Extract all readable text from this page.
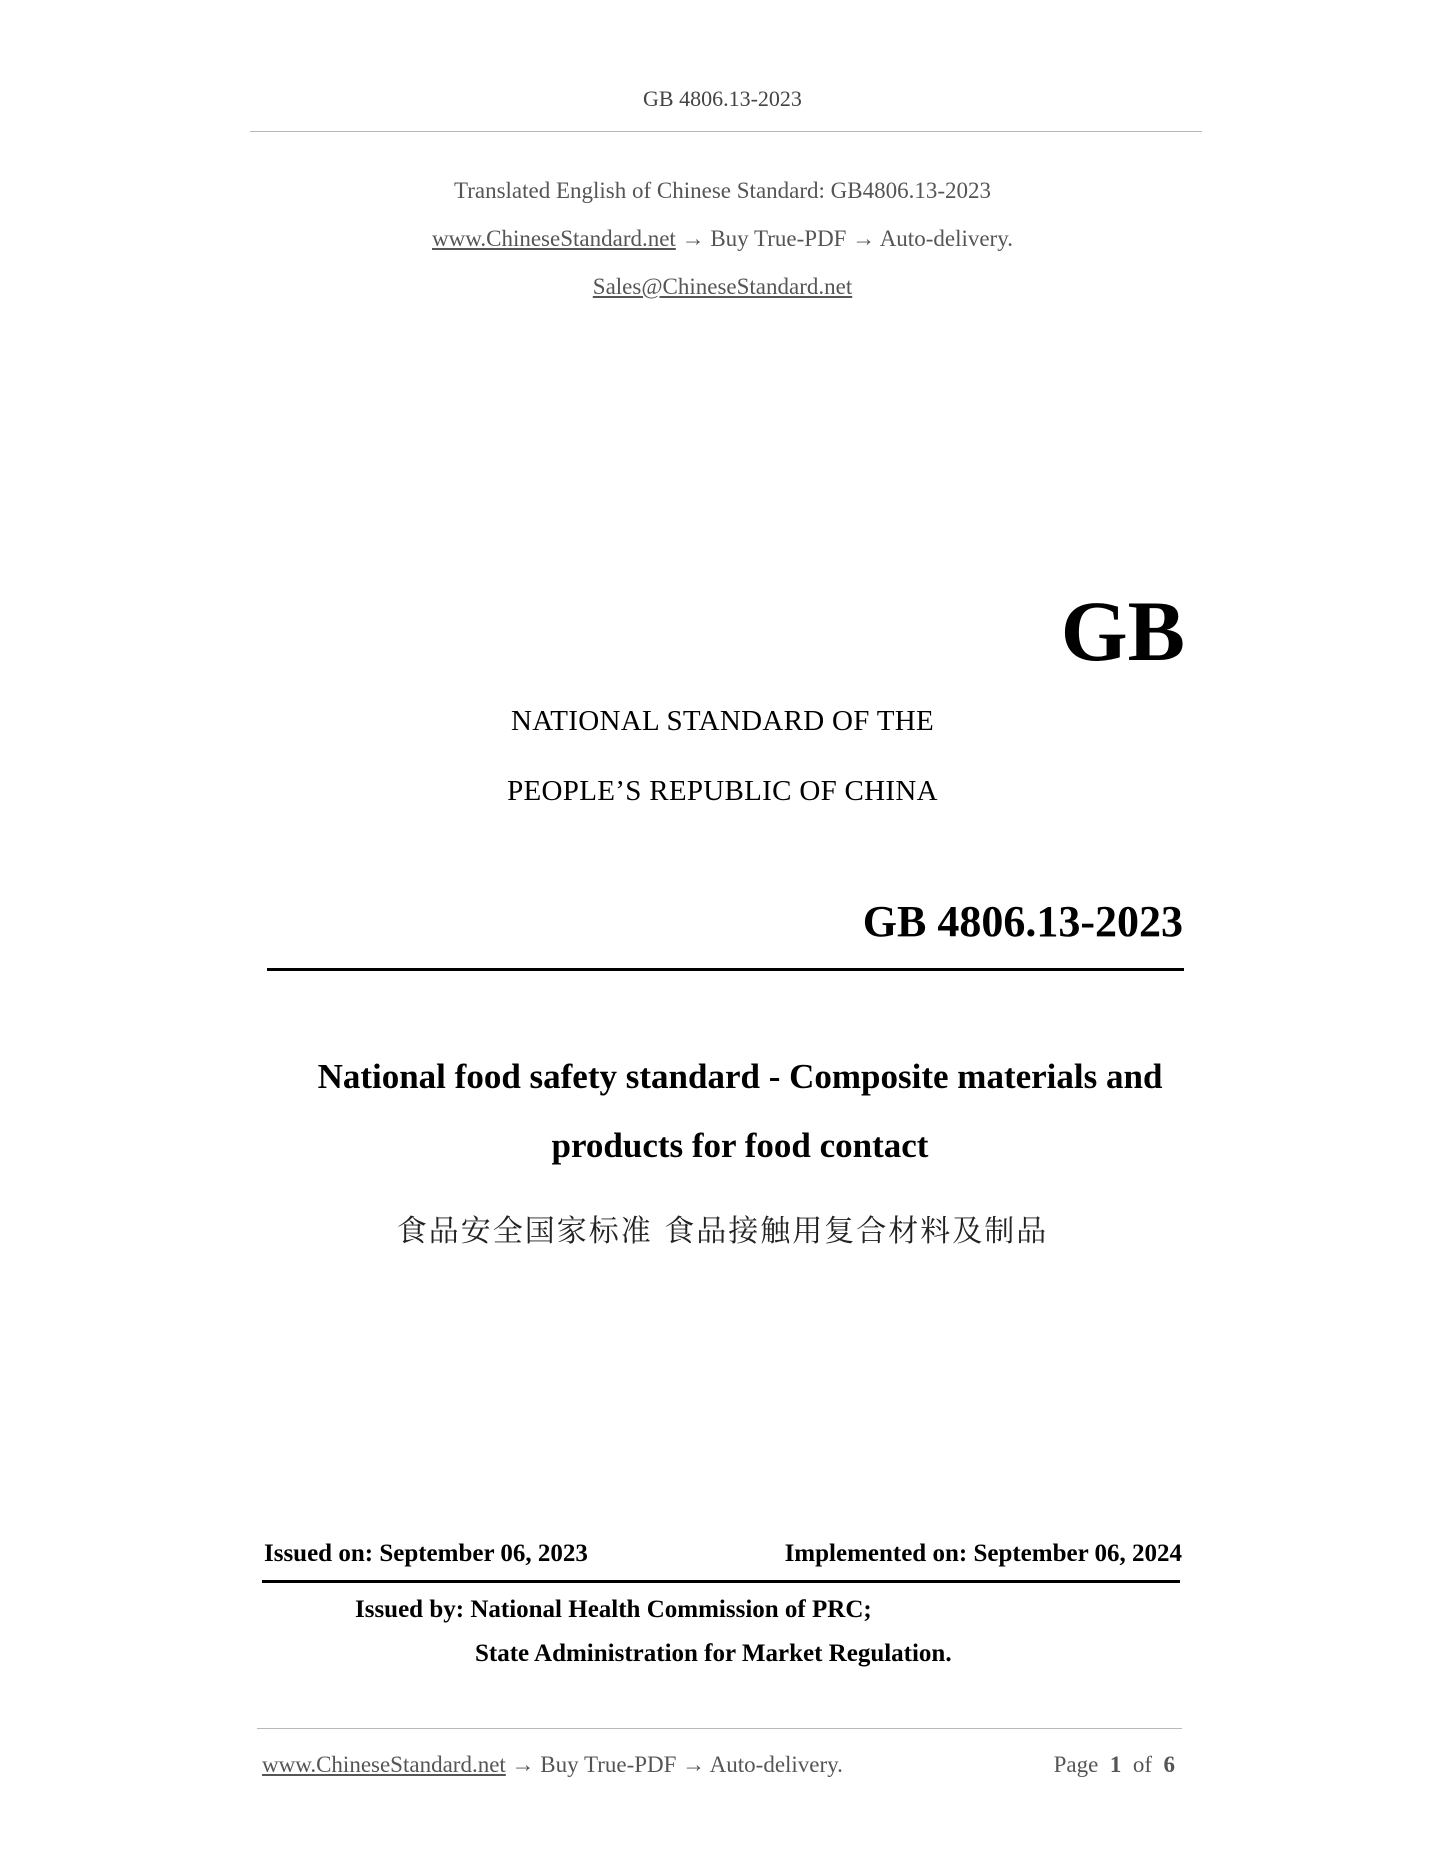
GB 4806.13-2023
Translated English of Chinese Standard: GB4806.13-2023
www.ChineseStandard.net → Buy True-PDF → Auto-delivery.
Sales@ChineseStandard.net
GB
NATIONAL STANDARD OF THE
PEOPLE’S REPUBLIC OF CHINA
GB 4806.13-2023
National food safety standard - Composite materials and
products for food contact
食品安全国家标准 食品接触用复合材料及制品
Issued on: September 06, 2023	Implemented on: September 06, 2024
Issued by: National Health Commission of PRC;
State Administration for Market Regulation.
www.ChineseStandard.net → Buy True-PDF → Auto-delivery.	Page 1 of 6
